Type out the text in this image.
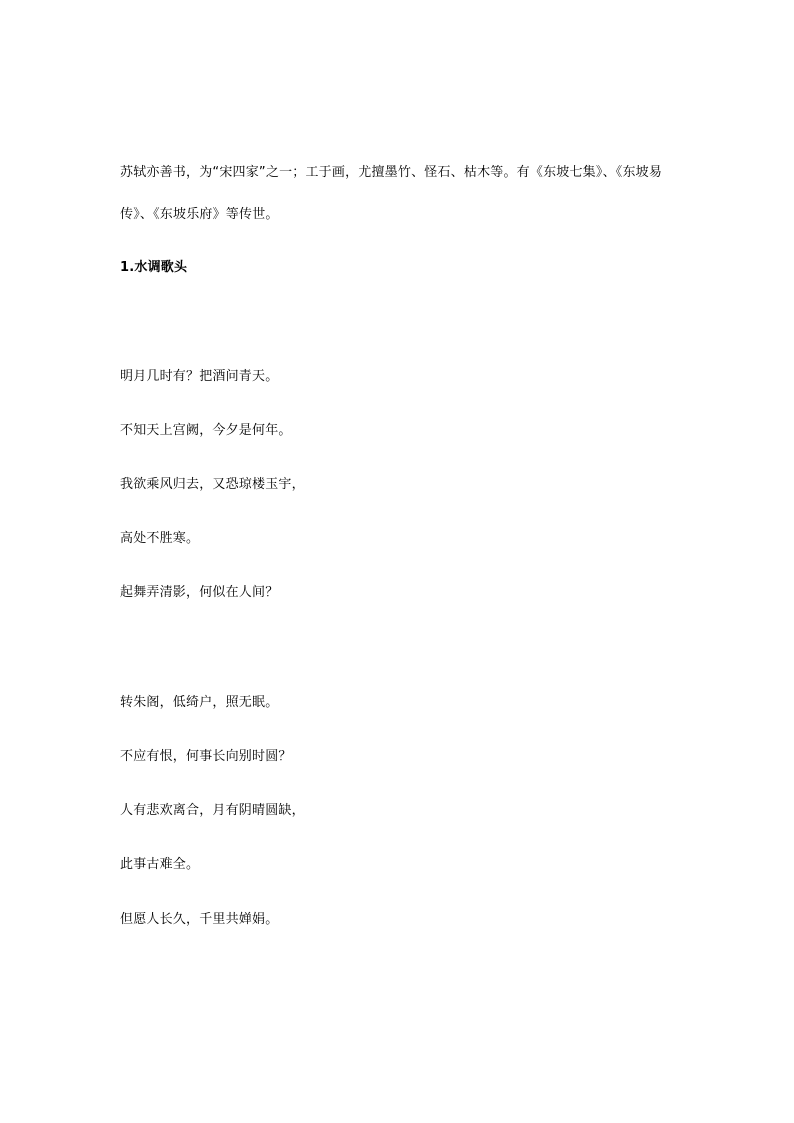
苏轼亦善书，为“宋四家”之一；工于画，尤擅墨竹、怪石、枯木等。有《东坡七集》、《东坡易
传》、《东坡乐府》等传世。
1.水调歌头
明月几时有？把酒问青天。
不知天上宫阙，今夕是何年。
我欲乘风归去，又恐琼楼玉宇，
高处不胜寒。
起舞弄清影，何似在人间？
转朱阁，低绮户，照无眠。
不应有恨，何事长向别时圆？
人有悲欢离合，月有阴晴圆缺，
此事古难全。
但愿人长久，千里共婵娟。
